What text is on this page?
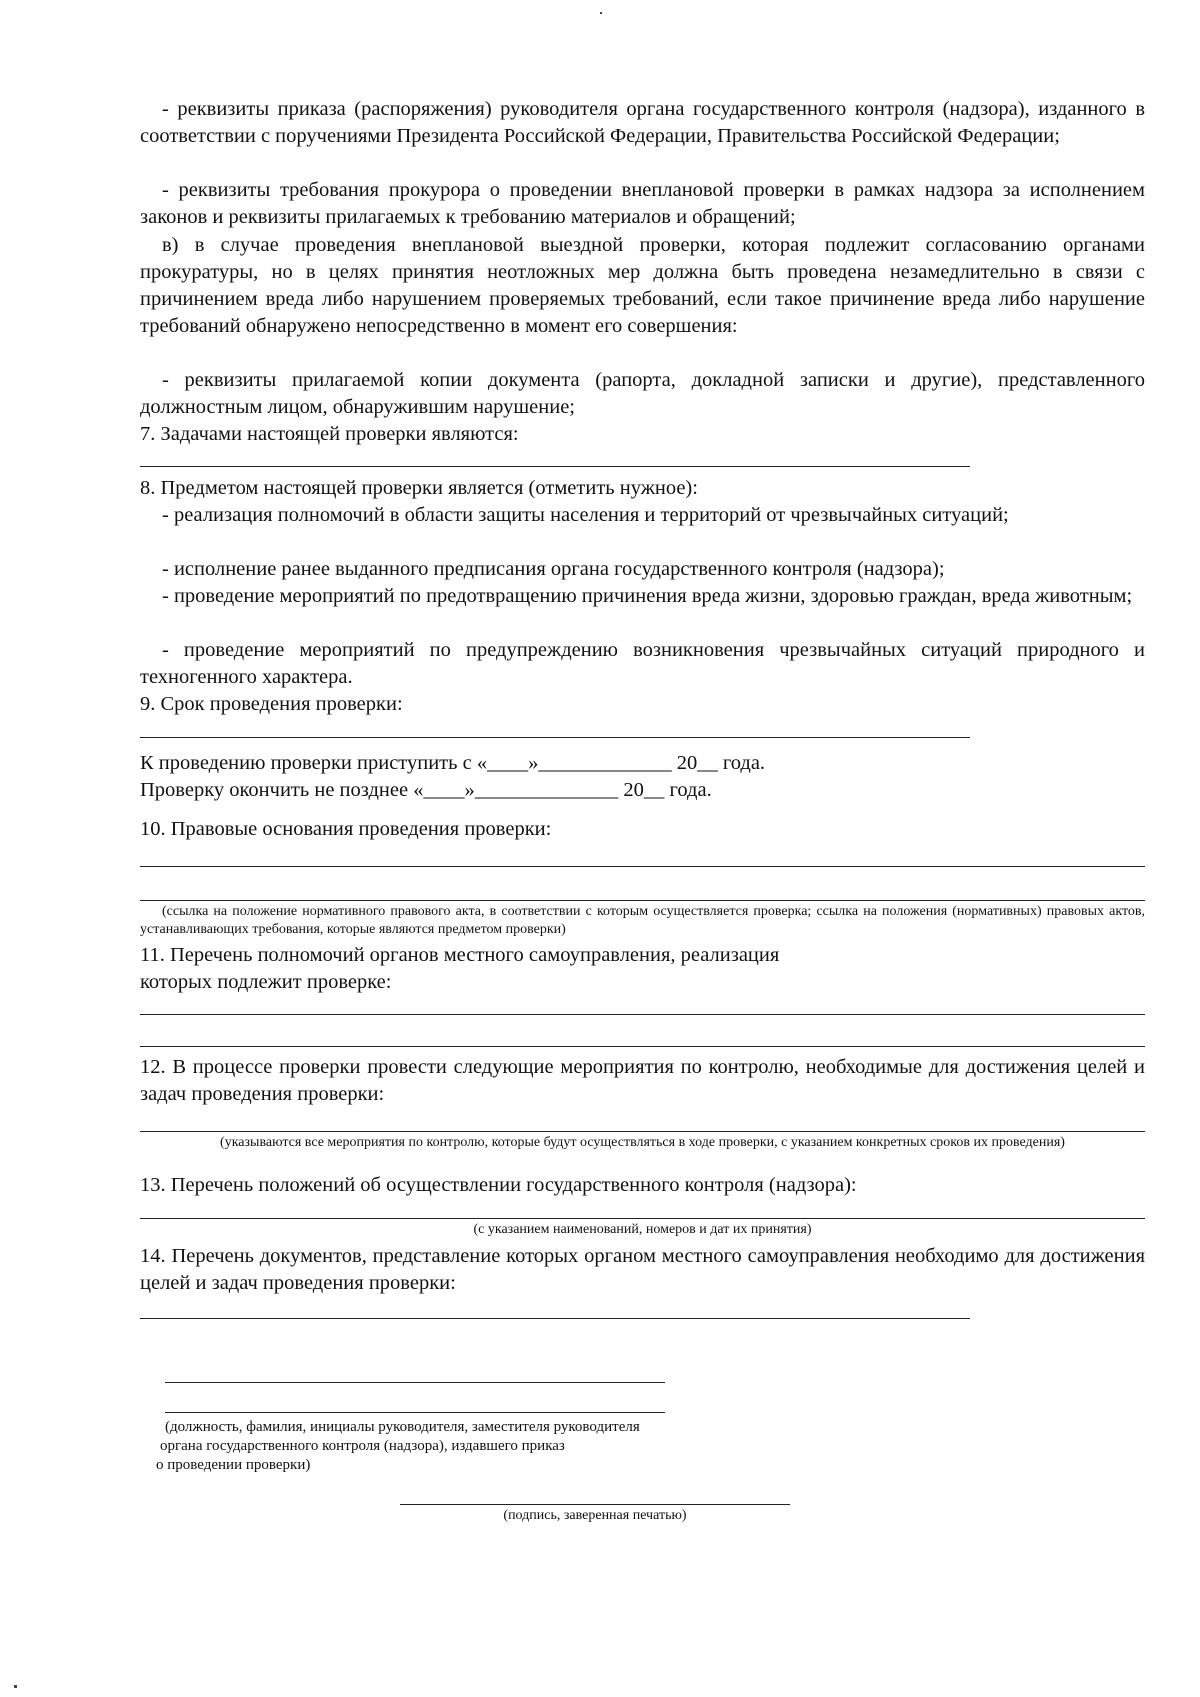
- реквизиты приказа (распоряжения) руководителя органа государственного контроля (надзора), изданного в соответствии с поручениями Президента Российской Федерации, Правительства Российской Федерации;

- реквизиты требования прокурора о проведении внеплановой проверки в рамках надзора за исполнением законов и реквизиты прилагаемых к требованию материалов и обращений;

в) в случае проведения внеплановой выездной проверки, которая подлежит согласованию органами прокуратуры, но в целях принятия неотложных мер должна быть проведена незамедлительно в связи с причинением вреда либо нарушением проверяемых требований, если такое причинение вреда либо нарушение требований обнаружено непосредственно в момент его совершения:

- реквизиты прилагаемой копии документа (рапорта, докладной записки и другие), представленного должностным лицом, обнаружившим нарушение;

7. Задачами настоящей проверки являются:

8. Предметом настоящей проверки является (отметить нужное):

- реализация полномочий в области защиты населения и территорий от чрезвычайных ситуаций;

- исполнение ранее выданного предписания органа государственного контроля (надзора);

- проведение мероприятий по предотвращению причинения вреда жизни, здоровью граждан, вреда животным;

- проведение мероприятий по предупреждению возникновения чрезвычайных ситуаций природного и техногенного характера.

9. Срок проведения проверки:

К проведению проверки приступить с «____»_____________ 20__ года.

Проверку окончить не позднее «____»______________ 20__ года.

10. Правовые основания проведения проверки:

(ссылка на положение нормативного правового акта, в соответствии с которым осуществляется проверка; ссылка на положения (нормативных) правовых актов, устанавливающих требования, которые являются предметом проверки)

11. Перечень полномочий органов местного самоуправления, реализация

которых подлежит проверке:

12. В процессе проверки провести следующие мероприятия по контролю, необходимые для достижения целей и задач проведения проверки:

(указываются все мероприятия по контролю, которые будут осуществляться в ходе проверки, с указанием конкретных сроков их проведения)

13. Перечень положений об осуществлении государственного контроля (надзора):

(с указанием наименований, номеров и дат их принятия)

14. Перечень документов, представление которых органом местного самоуправления необходимо для достижения целей и задач проведения проверки:

(должность, фамилия, инициалы руководителя, заместителя руководителя

органа государственного контроля (надзора), издавшего приказ

о проведении проверки)

(подпись, заверенная печатью)
